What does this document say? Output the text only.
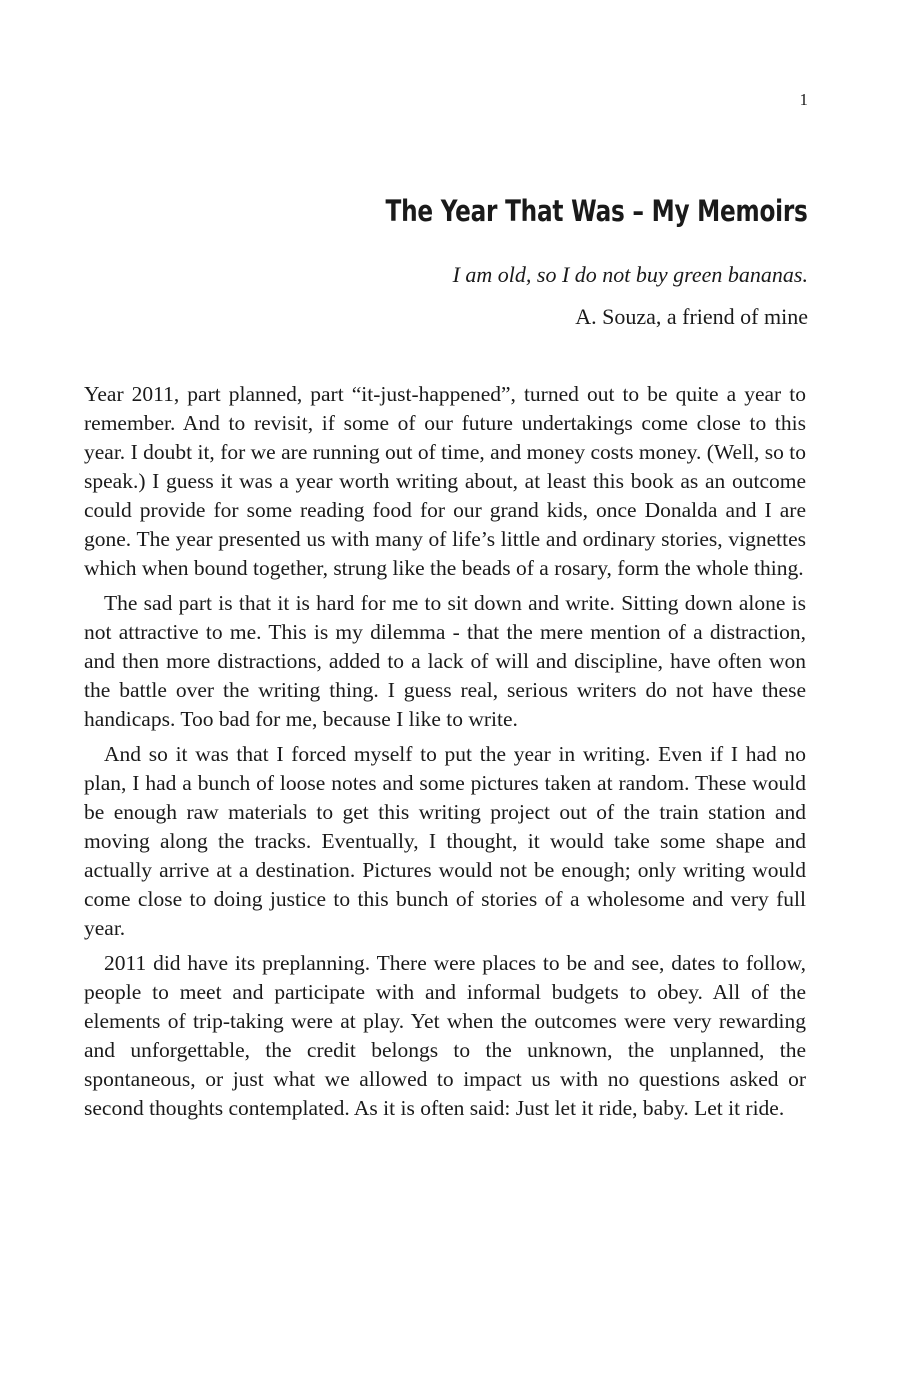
1
The Year That Was – My Memoirs
I am old, so I do not buy green bananas.
A. Souza, a friend of mine

Year 2011, part planned, part “it-just-happened”, turned out to be quite a year to remember. And to revisit, if some of our future undertakings come close to this year. I doubt it, for we are running out of time, and money costs money. (Well, so to speak.) I guess it was a year worth writing about, at least this book as an outcome could provide for some reading food for our grand kids, once Donalda and I are gone. The year presented us with many of life’s little and ordinary stories, vignettes which when bound together, strung like the beads of a rosary, form the whole thing.

The sad part is that it is hard for me to sit down and write. Sitting down alone is not attractive to me. This is my dilemma - that the mere mention of a distraction, and then more distractions, added to a lack of will and discipline, have often won the battle over the writing thing. I guess real, serious writers do not have these handicaps. Too bad for me, because I like to write.

And so it was that I forced myself to put the year in writing. Even if I had no plan, I had a bunch of loose notes and some pictures taken at random. These would be enough raw materials to get this writing project out of the train station and moving along the tracks. Eventually, I thought, it would take some shape and actually arrive at a destination. Pictures would not be enough; only writing would come close to doing justice to this bunch of stories of a wholesome and very full year.

2011 did have its preplanning. There were places to be and see, dates to follow, people to meet and participate with and informal budgets to obey. All of the elements of trip-taking were at play. Yet when the outcomes were very rewarding and unforgettable, the credit belongs to the unknown, the unplanned, the spontaneous, or just what we allowed to impact us with no questions asked or second thoughts contemplated. As it is often said: Just let it ride, baby. Let it ride.
